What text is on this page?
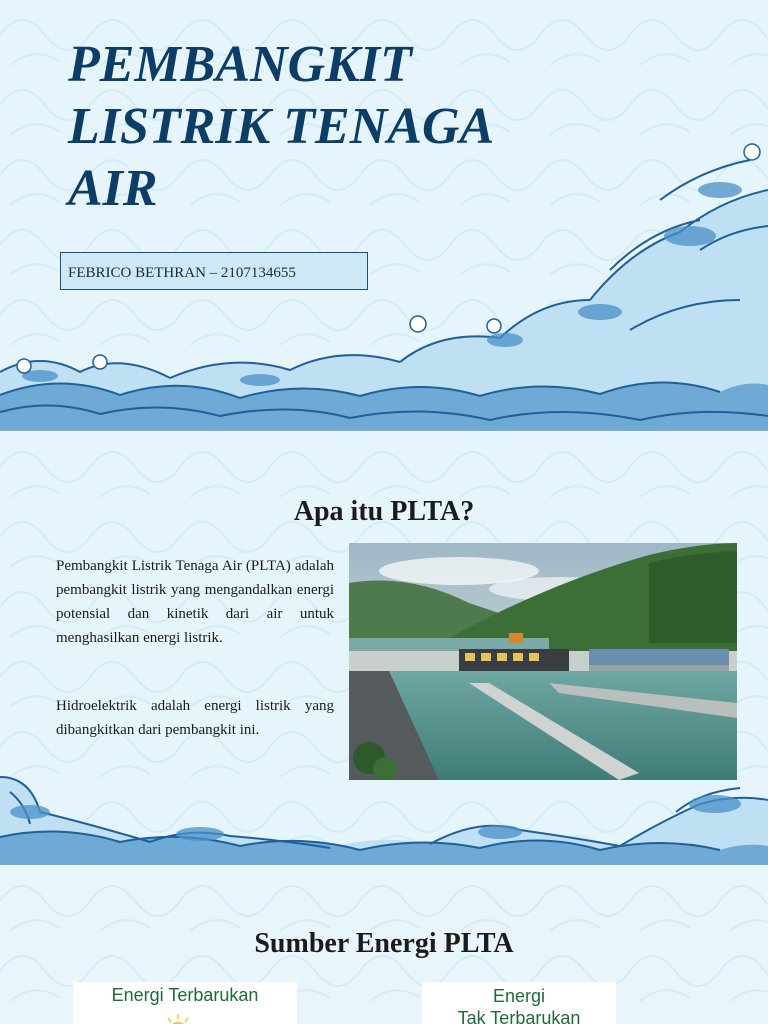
PEMBANGKIT LISTRIK TENAGA AIR
FEBRICO BETHRAN – 2107134655
Apa itu PLTA?

Pembangkit Listrik Tenaga Air (PLTA) adalah pembangkit listrik yang mengandalkan energi potensial dan kinetik dari air untuk menghasilkan energi listrik.

Hidroelektrik adalah energi listrik yang dibangkitkan dari pembangkit ini.

Sumber Energi PLTA
Energi Terbarukan	Energi
Tak Terbarukan
